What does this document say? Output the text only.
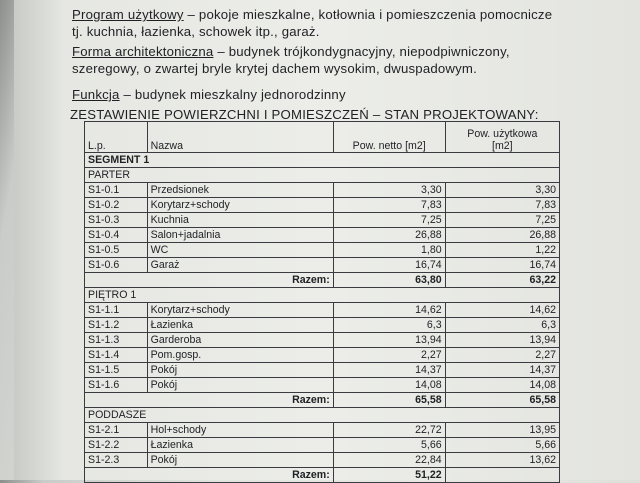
Program użytkowy – pokoje mieszkalne, kotłownia i pomieszczenia pomocnicze tj. kuchnia, łazienka, schowek itp., garaż.
Forma architektoniczna – budynek trójkondygnacyjny, niepodpiwniczony, szeregowy, o zwartej bryle krytej dachem wysokim, dwuspadowym.
Funkcja – budynek mieszkalny jednorodzinny
ZESTAWIENIE POWIERZCHNI I POMIESZCZEŃ – STAN PROJEKTOWANY:
L.p.	Nazwa	Pow. netto [m2]	Pow. użytkowa
[m2]
SEGMENT 1			
PARTER			
S1-0.1	Przedsionek	3,30	3,30
S1-0.2	Korytarz+schody	7,83	7,83
S1-0.3	Kuchnia	7,25	7,25
S1-0.4	Salon+jadalnia	26,88	26,88
S1-0.5	WC	1,80	1,22
S1-0.6	Garaż	16,74	16,74
	Razem:	63,80	63,22
PIĘTRO 1			
S1-1.1	Korytarz+schody	14,62	14,62
S1-1.2	Łazienka	6,3	6,3
S1-1.3	Garderoba	13,94	13,94
S1-1.4	Pom.gosp.	2,27	2,27
S1-1.5	Pokój	14,37	14,37
S1-1.6	Pokój	14,08	14,08
	Razem:	65,58	65,58
PODDASZE			
S1-2.1	Hol+schody	22,72	13,95
S1-2.2	Łazienka	5,66	5,66
S1-2.3	Pokój	22,84	13,62
	Razem:	51,22	
